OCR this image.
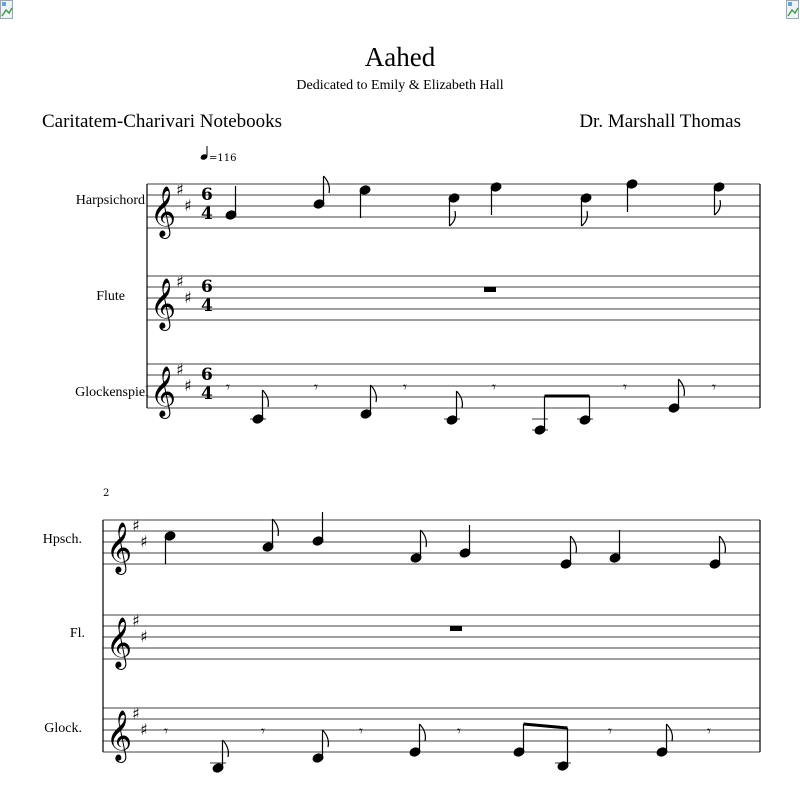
Aahed
Dedicated to Emily & Elizabeth Hall
Caritatem-Charivari Notebooks	Dr. Marshall Thomas
Harpsichord
Flute
Glockenspiel
Hpsch.
Fl.
Glock.
=116
2
𝄞
𝄞
𝄞
♯
♯
♯
♯
♯
♯
6
4
6
4
6
4 𝄾	𝄾	𝄾	𝄾	𝄾	𝄾
𝄞
𝄞
𝄞
♯
♯
♯
♯
♯
♯ 𝄾	𝄾	𝄾	𝄾	𝄾	𝄾
